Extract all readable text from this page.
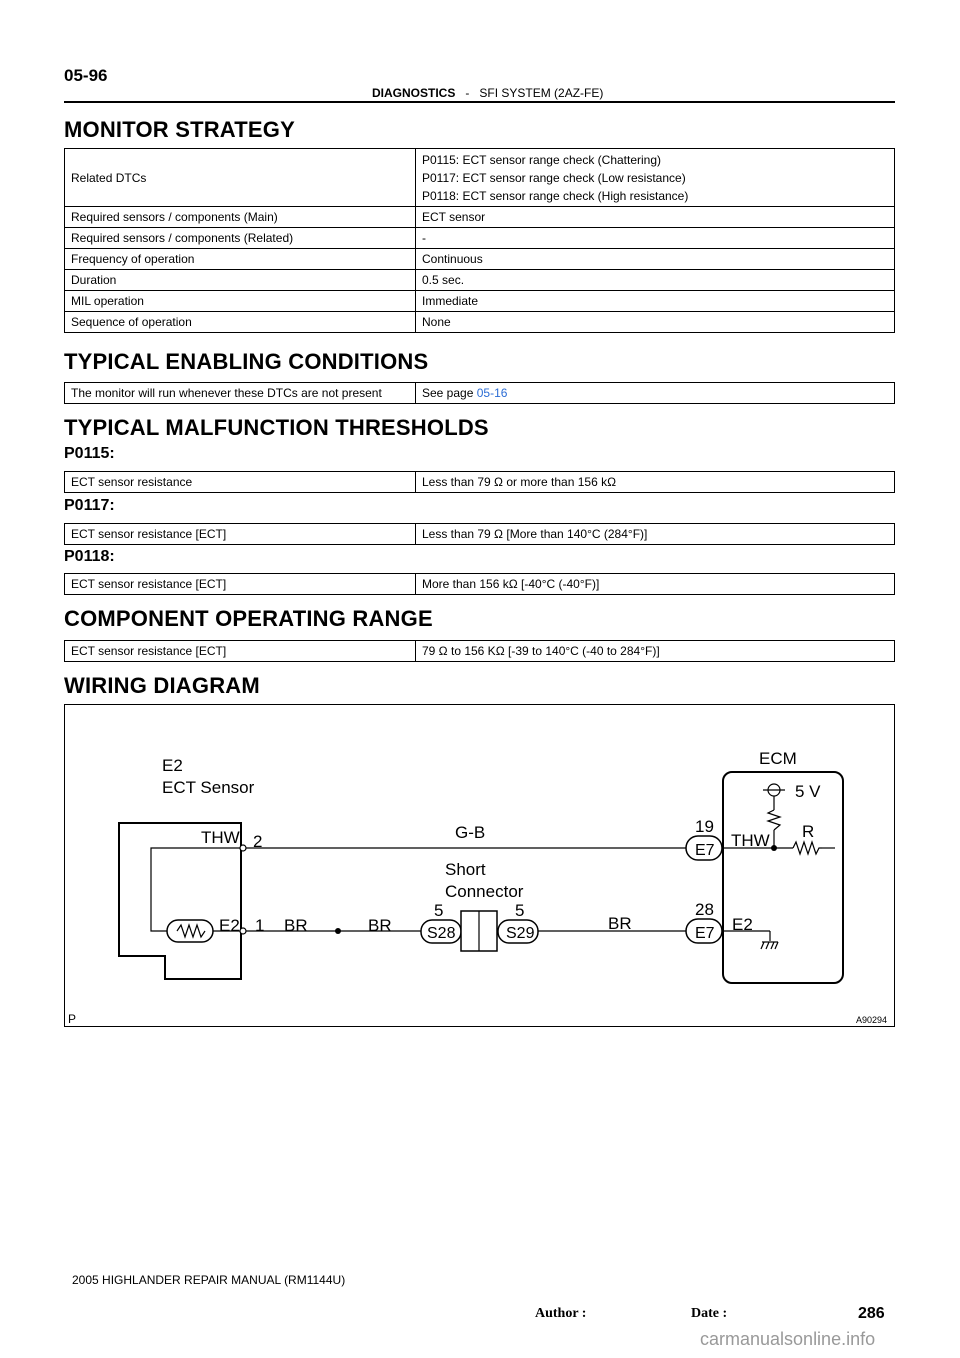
05-96
DIAGNOSTICS - SFI SYSTEM (2AZ-FE)
MONITOR STRATEGY
Related DTCs	P0115: ECT sensor range check (Chattering)
P0117: ECT sensor range check (Low resistance)
P0118: ECT sensor range check (High resistance)

Required sensors / components (Main)	ECT sensor
Required sensors / components (Related)	-
Frequency of operation	Continuous
Duration	0.5 sec.
MIL operation	Immediate
Sequence of operation	None
TYPICAL ENABLING CONDITIONS
The monitor will run whenever these DTCs are not present	See page 05-16
TYPICAL MALFUNCTION THRESHOLDS
P0115:
ECT sensor resistance	Less than 79 Ω or more than 156 kΩ
P0117:
ECT sensor resistance [ECT]	Less than 79 Ω [More than 140°C (284°F)]
P0118:
ECT sensor resistance [ECT]	More than 156 kΩ [-40°C (-40°F)]
COMPONENT OPERATING RANGE
ECT sensor resistance [ECT]	79 Ω to 156 KΩ [-39 to 140°C (-40 to 284°F)]
WIRING DIAGRAM
E2
ECT Sensor
ECM
5 V
THW 2	G-B	19
THW R
E7
Short
Connector
E2 1 BR	BR
5	5
S28	S29
BR
28
E7 E2
P	A90294
2005 HIGHLANDER REPAIR MANUAL (RM1144U)
Author :	Date :	286
carmanualsonline.info
